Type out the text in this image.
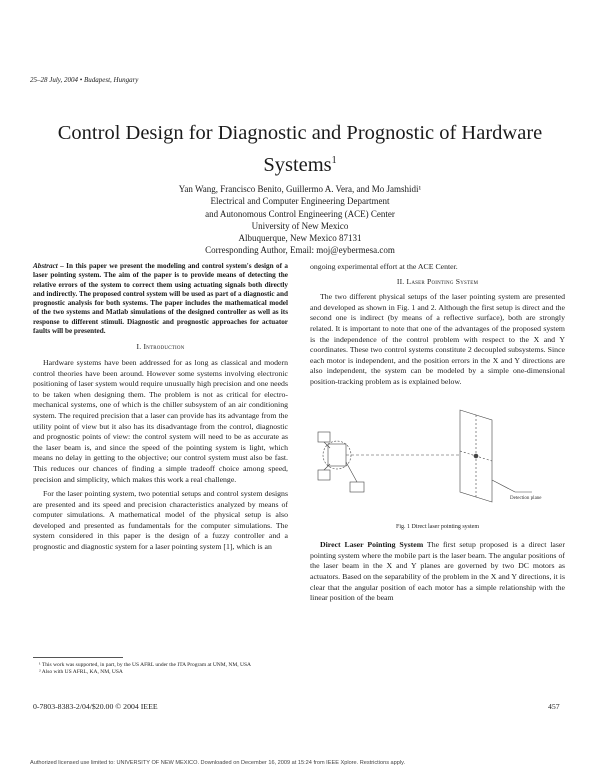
25–28 July, 2004 • Budapest, Hungary
Control Design for Diagnostic and Prognostic of Hardware Systems$^1$
Yan Wang, Francisco Benito, Guillermo A. Vera, and Mo Jamshidi¹
Electrical and Computer Engineering Department
and Autonomous Control Engineering (ACE) Center
University of New Mexico
Albuquerque, New Mexico 87131
Corresponding Author, Email: moj@eybermesa.com

Abstract – In this paper we present the modeling and control system's design of a laser pointing system. The aim of the paper is to provide means of detecting the relative errors of the system to correct them using actuating signals both directly and indirectly. The proposed control system will be used as part of a diagnostic and prognostic analysis for both systems. The paper includes the mathematical model of the two systems and Matlab simulations of the designed controller as well as its response to different stimuli. Diagnostic and prognostic approaches for actuator faults will be presented.

I. Introduction

Hardware systems have been addressed for as long as classical and modern control theories have been around. However some systems involving electronic positioning of laser system would require unusually high precision and one needs to be taken when designing them. The problem is not as critical for electro-mechanical systems, one of which is the chiller subsystem of an air conditioning system. The required precision that a laser can provide has its advantage from the utility point of view but it also has its disadvantage from the control, diagnostic and prognostic points of view: the control system will need to be as accurate as the laser beam is, and since the speed of the pointing system is light, which means no delay in getting to the objective; our control system must also be fast. This reduces our chances of finding a simple tradeoff choice among speed, precision and simplicity, which makes this work a real challenge.

For the laser pointing system, two potential setups and control system designs are presented and its speed and precision characteristics analyzed by means of computer simulations. A mathematical model of the physical setup is also developed and presented as fundamentals for the computer simulations. The system considered in this paper is the design of a fuzzy controller and a prognostic and diagnostic system for a laser pointing system [1], which is an

¹ This work was supported, in part, by the US AFRL under the ITA Program at UNM, NM, USA
² Also with US AFRL, KA, NM, USA

ongoing experimental effort at the ACE Center.

II. Laser Pointing System

The two different physical setups of the laser pointing system are presented and developed as shown in Fig. 1 and 2. Although the first setup is direct and the second one is indirect (by means of a reflective surface), both are strongly related. It is important to note that one of the advantages of the proposed system is the independence of the control problem with respect to the X and Y coordinates. These two control systems constitute 2 decoupled subsystems. Since each motor is independent, and the position errors in the X and Y directions are also independent, the system can be modeled by a simple one-dimensional position-tracking problem as is explained below.

Detection plane
Fig. 1 Direct laser pointing system

Direct Laser Pointing System The first setup proposed is a direct laser pointing system where the mobile part is the laser beam. The angular positions of the laser beam in the X and Y planes are governed by two DC motors as actuators. Based on the separability of the problem in the X and Y directions, it is clear that the angular position of each motor has a simple relationship with the linear position of the beam

0-7803-8383-2/04/$20.00 © 2004 IEEE	457
Authorized licensed use limited to: UNIVERSITY OF NEW MEXICO. Downloaded on December 16, 2009 at 15:24 from IEEE Xplore. Restrictions apply.
